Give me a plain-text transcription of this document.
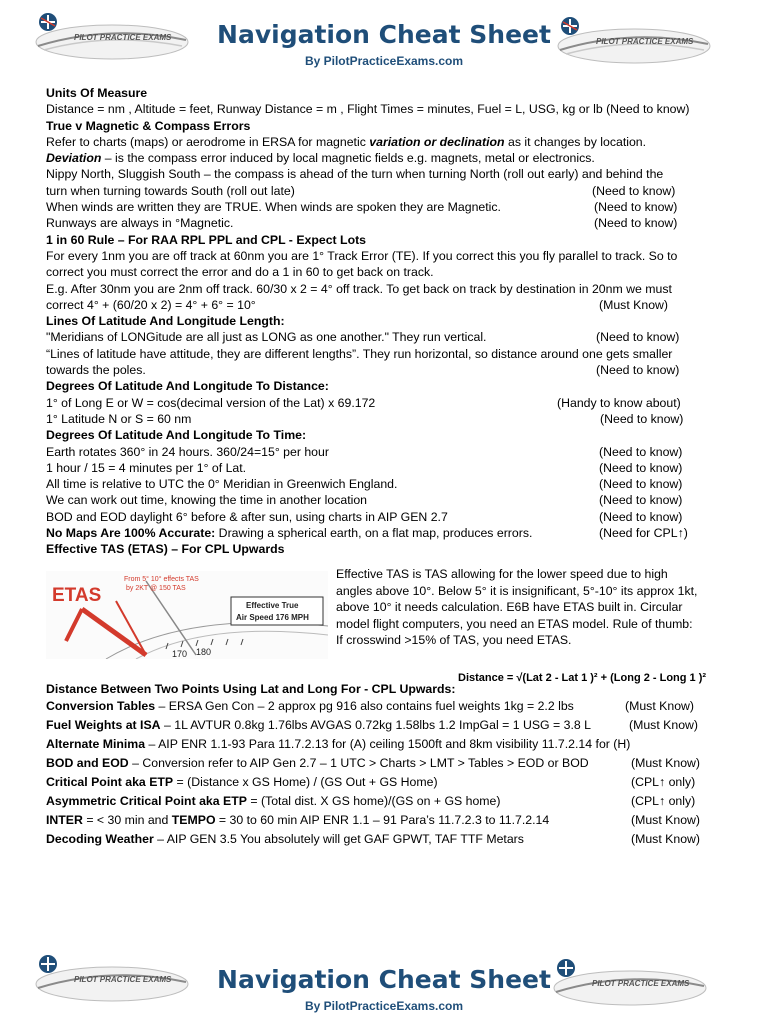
PILOT PRACTICE EXAMS	PILOT PRACTICE EXAMS
Navigation Cheat Sheet
By PilotPracticeExams.com
Units Of Measure
Distance = nm , Altitude = feet, Runway Distance = m , Flight Times = minutes, Fuel = L, USG, kg or lb (Need to know)
True v Magnetic & Compass Errors
Refer to charts (maps) or aerodrome in ERSA for magnetic variation or declination as it changes by location.
Deviation – is the compass error induced by local magnetic fields e.g. magnets, metal or electronics.
Nippy North, Sluggish South – the compass is ahead of the turn when turning North (roll out early) and behind the
turn when turning towards South (roll out late)	(Need to know)
When winds are written they are TRUE. When winds are spoken they are Magnetic.	(Need to know)
Runways are always in °Magnetic.	(Need to know)
1 in 60 Rule – For RAA RPL PPL and CPL - Expect Lots
For every 1nm you are off track at 60nm you are 1° Track Error (TE). If you correct this you fly parallel to track. So to
correct you must correct the error and do a 1 in 60 to get back on track.
E.g. After 30nm you are 2nm off track. 60/30 x 2 = 4° off track. To get back on track by destination in 20nm we must
correct 4° + (60/20 x 2) = 4° + 6° = 10°	(Must Know)
Lines Of Latitude And Longitude Length:
"Meridians of LONGitude are all just as LONG as one another." They run vertical.	(Need to know)
“Lines of latitude have attitude, they are different lengths”. They run horizontal, so distance around one gets smaller
towards the poles.	(Need to know)
Degrees Of Latitude And Longitude To Distance:
1° of Long E or W = cos(decimal version of the Lat) x 69.172	(Handy to know about)
1° Latitude N or S = 60 nm	(Need to know)
Degrees Of Latitude And Longitude To Time:
Earth rotates 360° in 24 hours. 360/24=15° per hour	(Need to know)
1 hour / 15 = 4 minutes per 1° of Lat.	(Need to know)
All time is relative to UTC the 0° Meridian in Greenwich England.	(Need to know)
We can work out time, knowing the time in another location	(Need to know)
BOD and EOD daylight 6° before & after sun, using charts in AIP GEN 2.7	(Need to know)
No Maps Are 100% Accurate: Drawing a spherical earth, on a flat map, produces errors.	(Need for CPL↑)
Effective TAS (ETAS) – For CPL Upwards
ETAS
From 5° 10° effects TAS
by 2KT @ 150 TAS
Effective True
Air Speed 176 MPH
170 180
Effective TAS is TAS allowing for the lower speed due to high
angles above 10°. Below 5° it is insignificant, 5°-10° its approx 1kt,
above 10° it needs calculation. E6B have ETAS built in. Circular
model flight computers, you need an ETAS model. Rule of thumb:
If crosswind >15% of TAS, you need ETAS.
Distance Between Two Points Using Lat and Long For - CPL Upwards:
Distance = √(Lat 2 - Lat 1 )² + (Long 2 - Long 1 )²
Conversion Tables – ERSA Gen Con – 2 approx pg 916 also contains fuel weights 1kg = 2.2 lbs	(Must Know)
Fuel Weights at ISA – 1L AVTUR 0.8kg 1.76lbs AVGAS 0.72kg 1.58lbs 1.2 ImpGal = 1 USG = 3.8 L	(Must Know)
Alternate Minima – AIP ENR 1.1-93 Para 11.7.2.13 for (A) ceiling 1500ft and 8km visibility 11.7.2.14 for (H)
BOD and EOD – Conversion refer to AIP Gen 2.7 – 1 UTC > Charts > LMT > Tables > EOD or BOD	(Must Know)
Critical Point aka ETP = (Distance x GS Home) / (GS Out + GS Home)	(CPL↑ only)
Asymmetric Critical Point aka ETP = (Total dist. X GS home)/(GS on + GS home)	(CPL↑ only)
INTER = < 30 min and TEMPO = 30 to 60 min AIP ENR 1.1 – 91 Para’s 11.7.2.3 to 11.7.2.14	(Must Know)
Decoding Weather – AIP GEN 3.5 You absolutely will get GAF GPWT, TAF TTF Metars	(Must Know)
PILOT PRACTICE EXAMS	PILOT PRACTICE EXAMS
Navigation Cheat Sheet
By PilotPracticeExams.com
